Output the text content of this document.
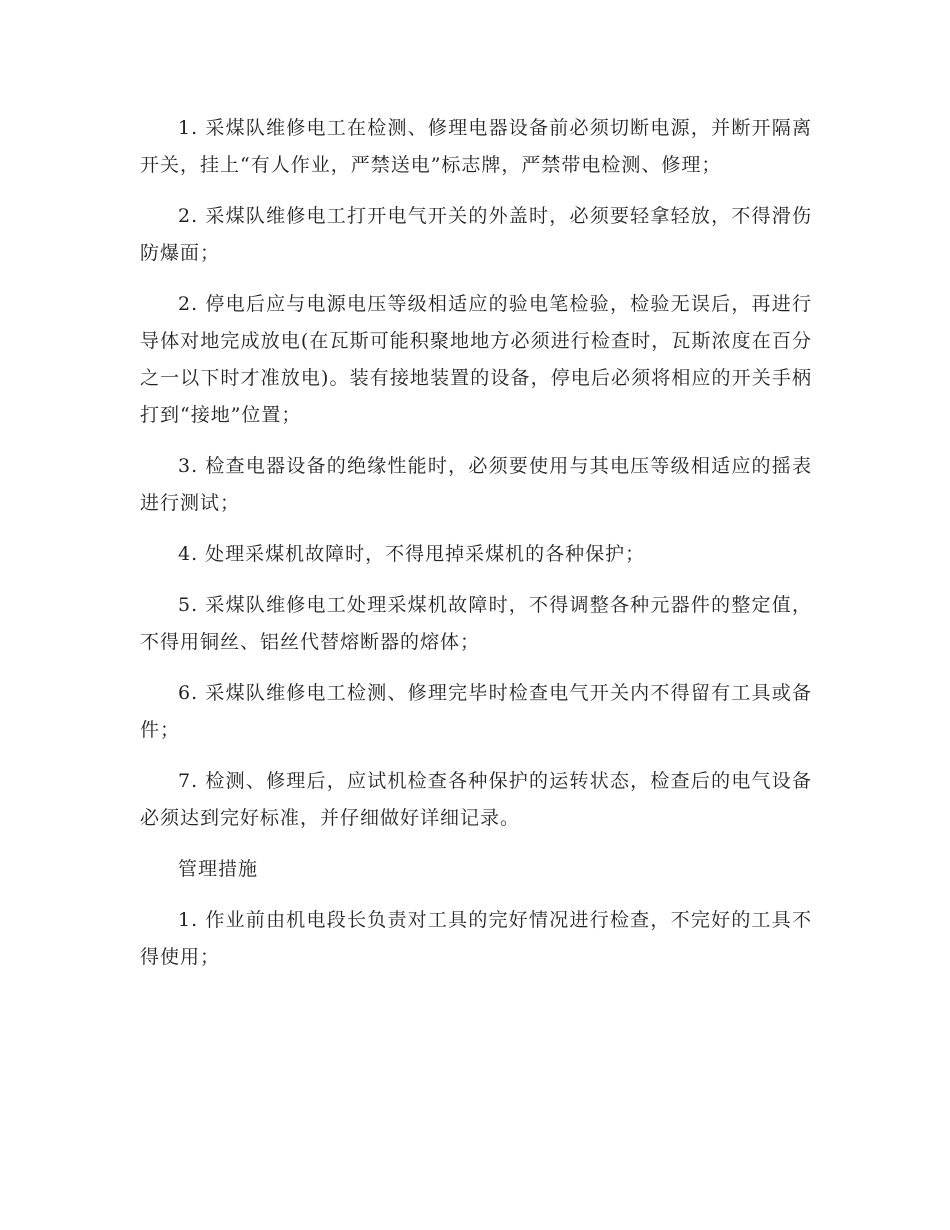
1. 采煤队维修电工在检测、修理电器设备前必须切断电源，并断开隔离开关，挂上“有人作业，严禁送电”标志牌，严禁带电检测、修理；

2. 采煤队维修电工打开电气开关的外盖时，必须要轻拿轻放，不得滑伤防爆面；

2. 停电后应与电源电压等级相适应的验电笔检验，检验无误后，再进行导体对地完成放电(在瓦斯可能积聚地地方必须进行检查时，瓦斯浓度在百分之一以下时才准放电)。装有接地装置的设备，停电后必须将相应的开关手柄打到“接地”位置；

3. 检查电器设备的绝缘性能时，必须要使用与其电压等级相适应的摇表进行测试；

4. 处理采煤机故障时，不得甩掉采煤机的各种保护；

5. 采煤队维修电工处理采煤机故障时，不得调整各种元器件的整定值，不得用铜丝、铝丝代替熔断器的熔体；

6. 采煤队维修电工检测、修理完毕时检查电气开关内不得留有工具或备件；

7. 检测、修理后，应试机检查各种保护的运转状态，检查后的电气设备必须达到完好标准，并仔细做好详细记录。

管理措施

1. 作业前由机电段长负责对工具的完好情况进行检查，不完好的工具不得使用；
